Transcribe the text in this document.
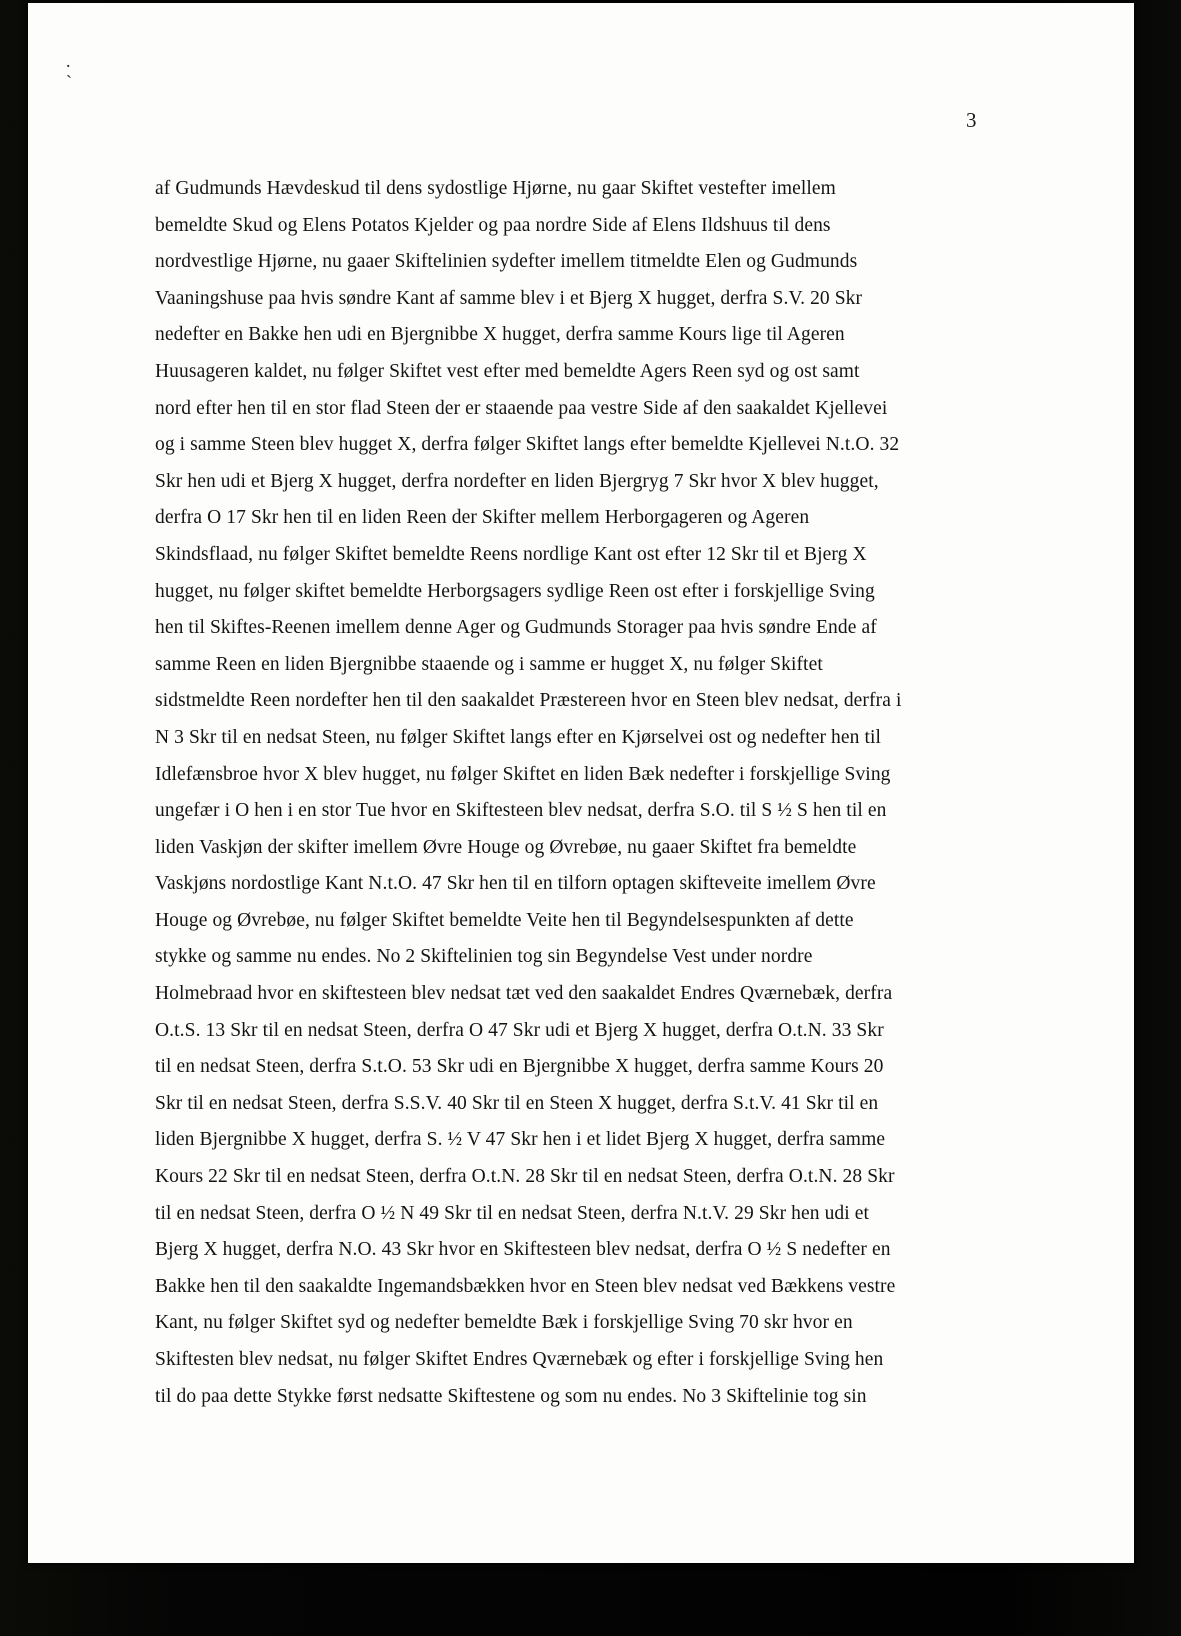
. ˋ
3
af Gudmunds Hævdeskud til dens sydostlige Hjørne, nu gaar Skiftet vestefter imellem
bemeldte Skud og Elens Potatos Kjelder og paa nordre Side af Elens Ildshuus til dens
nordvestlige Hjørne, nu gaaer Skiftelinien sydefter imellem titmeldte Elen og Gudmunds
Vaaningshuse paa hvis søndre Kant af samme blev i et Bjerg X hugget, derfra S.V. 20 Skr
nedefter en Bakke hen udi en Bjergnibbe X hugget, derfra samme Kours lige til Ageren
Huusageren kaldet, nu følger Skiftet vest efter med bemeldte Agers Reen syd og ost samt
nord efter hen til en stor flad Steen der er staaende paa vestre Side af den saakaldet Kjellevei
og i samme Steen blev hugget X, derfra følger Skiftet langs efter bemeldte Kjellevei N.t.O. 32
Skr hen udi et Bjerg X hugget, derfra nordefter en liden Bjergryg 7 Skr hvor X blev hugget,
derfra O 17 Skr hen til en liden Reen der Skifter mellem Herborgageren og Ageren
Skindsflaad, nu følger Skiftet bemeldte Reens nordlige Kant ost efter 12 Skr til et Bjerg X
hugget, nu følger skiftet bemeldte Herborgsagers sydlige Reen ost efter i forskjellige Sving
hen til Skiftes-Reenen imellem denne Ager og Gudmunds Storager paa hvis søndre Ende af
samme Reen en liden Bjergnibbe staaende og i samme er hugget X, nu følger Skiftet
sidstmeldte Reen nordefter hen til den saakaldet Præstereen hvor en Steen blev nedsat, derfra i
N 3 Skr til en nedsat Steen, nu følger Skiftet langs efter en Kjørselvei ost og nedefter hen til
Idlefænsbroe hvor X blev hugget, nu følger Skiftet en liden Bæk nedefter i forskjellige Sving
ungefær i O hen i en stor Tue hvor en Skiftesteen blev nedsat, derfra S.O. til S ½ S hen til en
liden Vaskjøn der skifter imellem Øvre Houge og Øvrebøe, nu gaaer Skiftet fra bemeldte
Vaskjøns nordostlige Kant N.t.O. 47 Skr hen til en tilforn optagen skifteveite imellem Øvre
Houge og Øvrebøe, nu følger Skiftet bemeldte Veite hen til Begyndelsespunkten af dette
stykke og samme nu endes. No 2 Skiftelinien tog sin Begyndelse Vest under nordre
Holmebraad hvor en skiftesteen blev nedsat tæt ved den saakaldet Endres Qværnebæk, derfra
O.t.S. 13 Skr til en nedsat Steen, derfra O 47 Skr udi et Bjerg X hugget, derfra O.t.N. 33 Skr
til en nedsat Steen, derfra S.t.O. 53 Skr udi en Bjergnibbe X hugget, derfra samme Kours 20
Skr til en nedsat Steen, derfra S.S.V. 40 Skr til en Steen X hugget, derfra S.t.V. 41 Skr til en
liden Bjergnibbe X hugget, derfra S. ½ V 47 Skr hen i et lidet Bjerg X hugget, derfra samme
Kours 22 Skr til en nedsat Steen, derfra O.t.N. 28 Skr til en nedsat Steen, derfra O.t.N. 28 Skr
til en nedsat Steen, derfra O ½ N 49 Skr til en nedsat Steen, derfra N.t.V. 29 Skr hen udi et
Bjerg X hugget, derfra N.O. 43 Skr hvor en Skiftesteen blev nedsat, derfra O ½ S nedefter en
Bakke hen til den saakaldte Ingemandsbækken hvor en Steen blev nedsat ved Bækkens vestre
Kant, nu følger Skiftet syd og nedefter bemeldte Bæk i forskjellige Sving 70 skr hvor en
Skiftesten blev nedsat, nu følger Skiftet Endres Qværnebæk og efter i forskjellige Sving hen
til do paa dette Stykke først nedsatte Skiftestene og som nu endes. No 3 Skiftelinie tog sin
